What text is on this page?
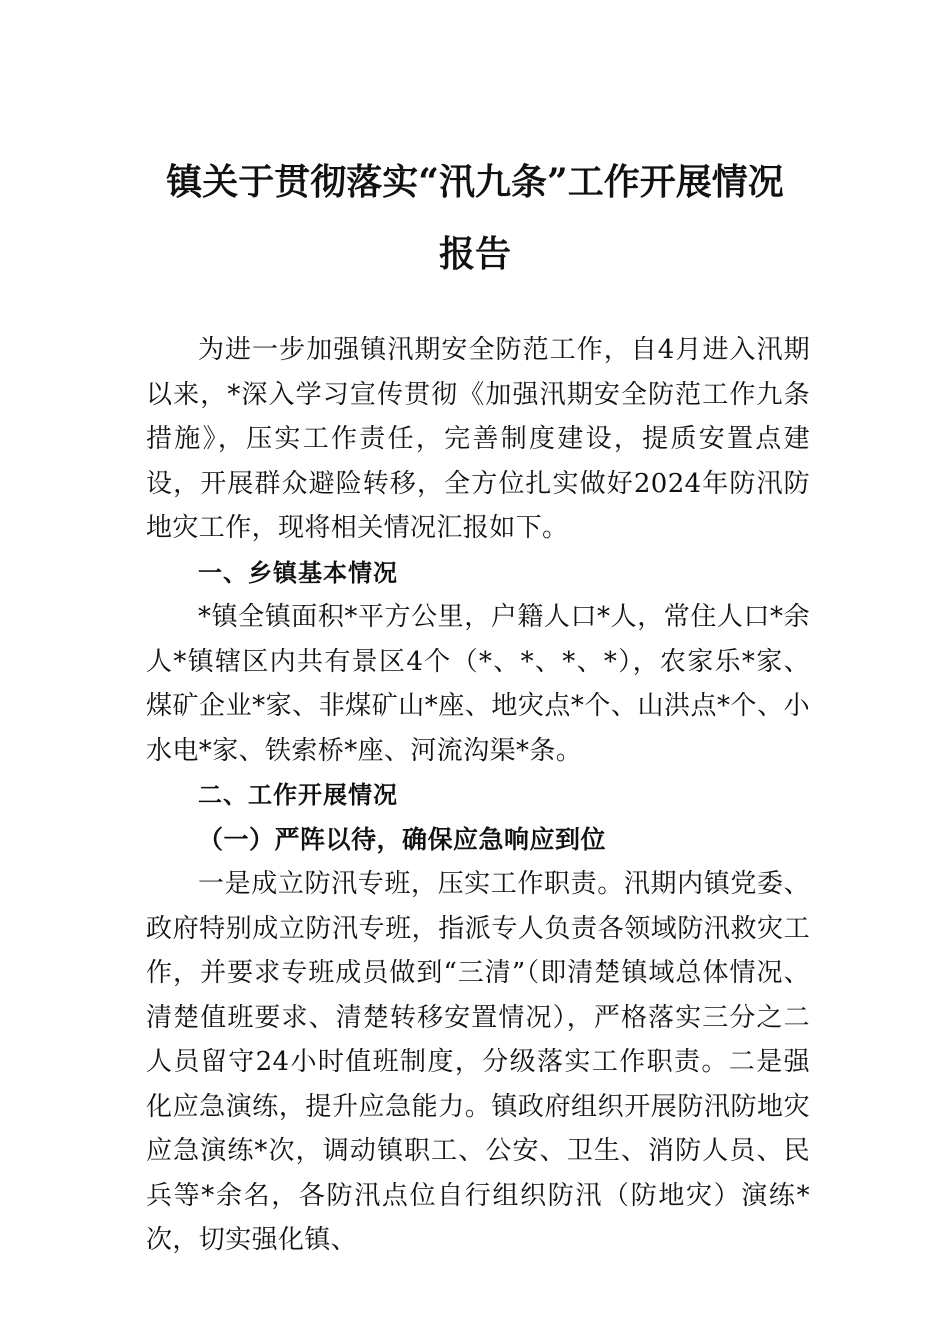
镇关于贯彻落实“汛九条”工作开展情况
报告

为进一步加强镇汛期安全防范工作，自4月进入汛期以来，*深入学习宣传贯彻《加强汛期安全防范工作九条措施》，压实工作责任，完善制度建设，提质安置点建设，开展群众避险转移，全方位扎实做好2024年防汛防地灾工作，现将相关情况汇报如下。

一、乡镇基本情况

*镇全镇面积*平方公里，户籍人口*人，常住人口*余人*镇辖区内共有景区4个（*、*、*、*），农家乐*家、煤矿企业*家、非煤矿山*座、地灾点*个、山洪点*个、小水电*家、铁索桥*座、河流沟渠*条。

二、工作开展情况

（一）严阵以待，确保应急响应到位

一是成立防汛专班，压实工作职责。汛期内镇党委、政府特别成立防汛专班，指派专人负责各领域防汛救灾工作，并要求专班成员做到“三清”（即清楚镇域总体情况、清楚值班要求、清楚转移安置情况），严格落实三分之二人员留守24小时值班制度，分级落实工作职责。二是强化应急演练，提升应急能力。镇政府组织开展防汛防地灾应急演练*次，调动镇职工、公安、卫生、消防人员、民兵等*余名，各防汛点位自行组织防汛（防地灾）演练*次，切实强化镇、
